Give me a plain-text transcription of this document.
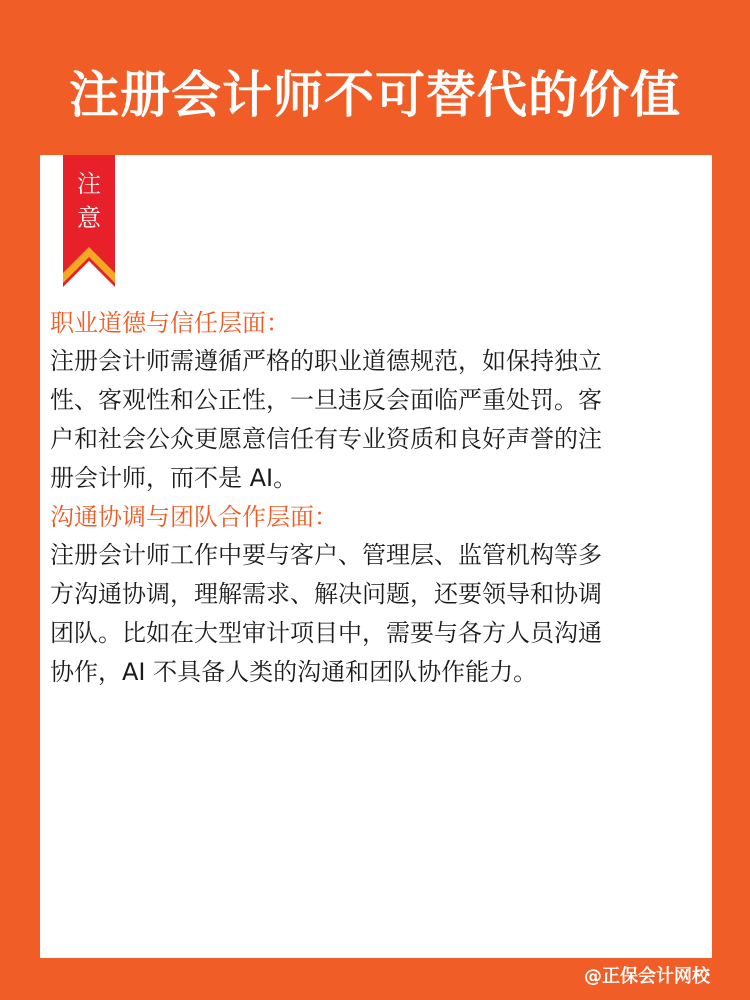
注册会计师不可替代的价值
注
意
职业道德与信任层面：
注册会计师需遵循严格的职业道德规范，如保持独立
性、客观性和公正性，一旦违反会面临严重处罚。客
户和社会公众更愿意信任有专业资质和良好声誉的注
册会计师，而不是 AI。
沟通协调与团队合作层面：
注册会计师工作中要与客户、管理层、监管机构等多
方沟通协调，理解需求、解决问题，还要领导和协调
团队。比如在大型审计项目中，需要与各方人员沟通
协作，AI 不具备人类的沟通和团队协作能力。
@正保会计网校
